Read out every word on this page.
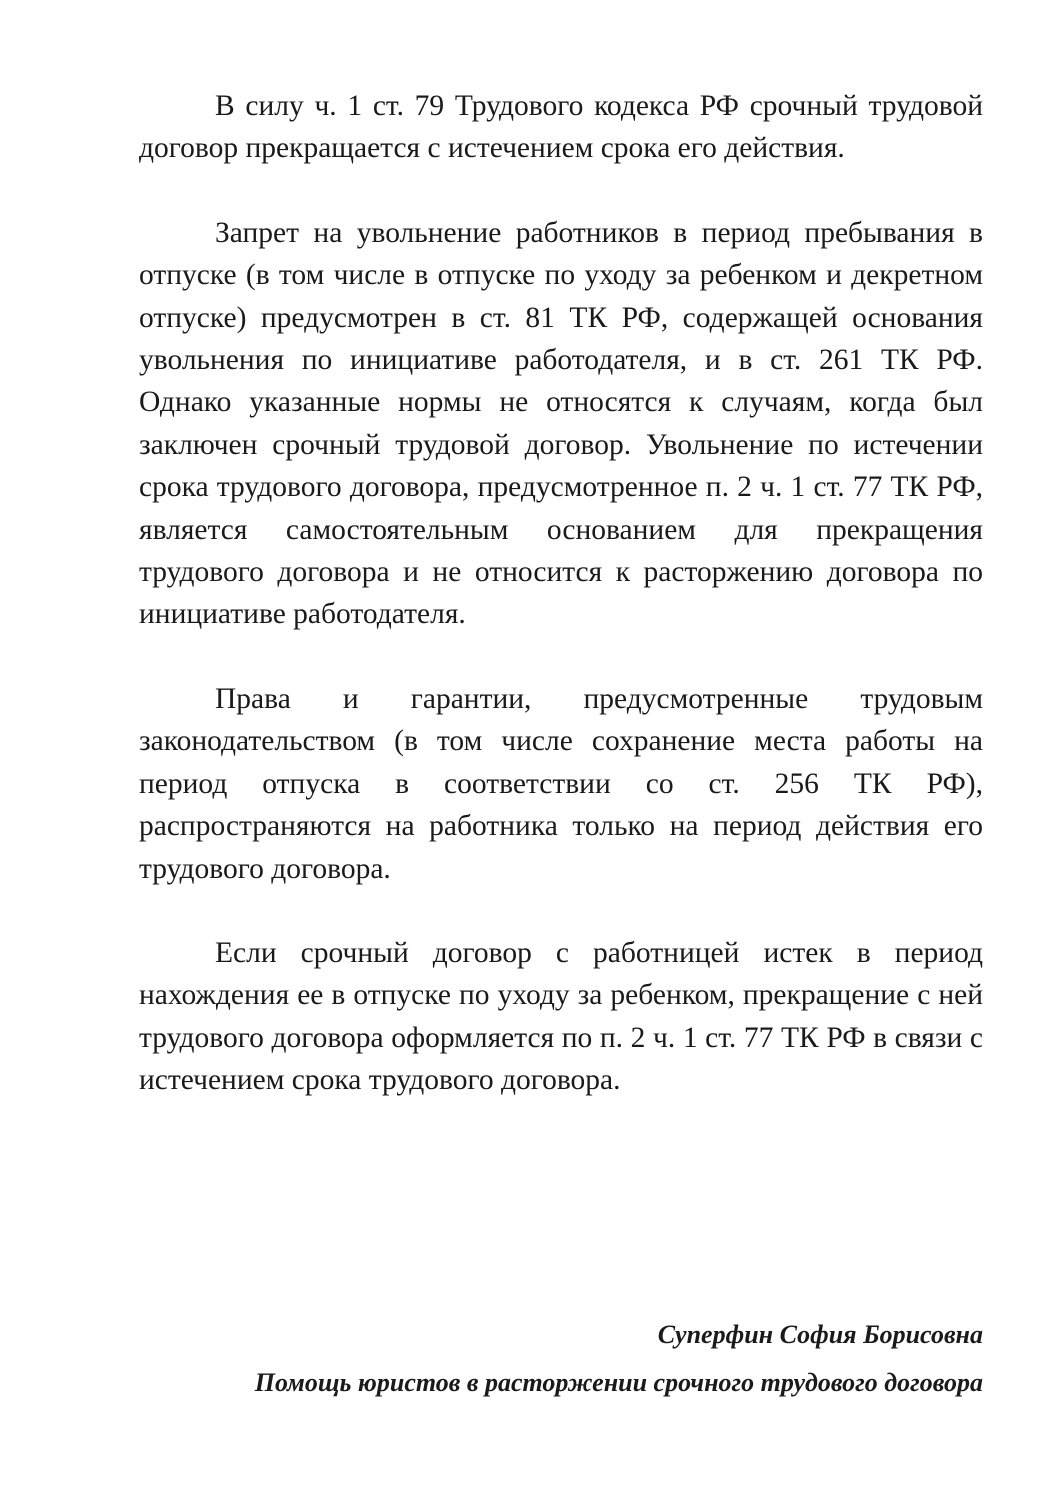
В силу ч. 1 ст. 79 Трудового кодекса РФ срочный трудовой договор прекращается с истечением срока его действия.

Запрет на увольнение работников в период пребывания в отпуске (в том числе в отпуске по уходу за ребенком и декретном отпуске) предусмотрен в ст. 81 ТК РФ, содержащей основания увольнения по инициативе работодателя, и в ст. 261 ТК РФ. Однако указанные нормы не относятся к случаям, когда был заключен срочный трудовой договор. Увольнение по истечении срока трудового договора, предусмотренное п. 2 ч. 1 ст. 77 ТК РФ, является самостоятельным основанием для прекращения трудового договора и не относится к расторжению договора по инициативе работодателя.

Права и гарантии, предусмотренные трудовым законодательством (в том числе сохранение места работы на период отпуска в соответствии со ст. 256 ТК РФ), распространяются на работника только на период действия его трудового договора.

Если срочный договор с работницей истек в период нахождения ее в отпуске по уходу за ребенком, прекращение с ней трудового договора оформляется по п. 2 ч. 1 ст. 77 ТК РФ в связи с истечением срока трудового договора.

Суперфин София Борисовна

Помощь юристов в расторжении срочного трудового договора
